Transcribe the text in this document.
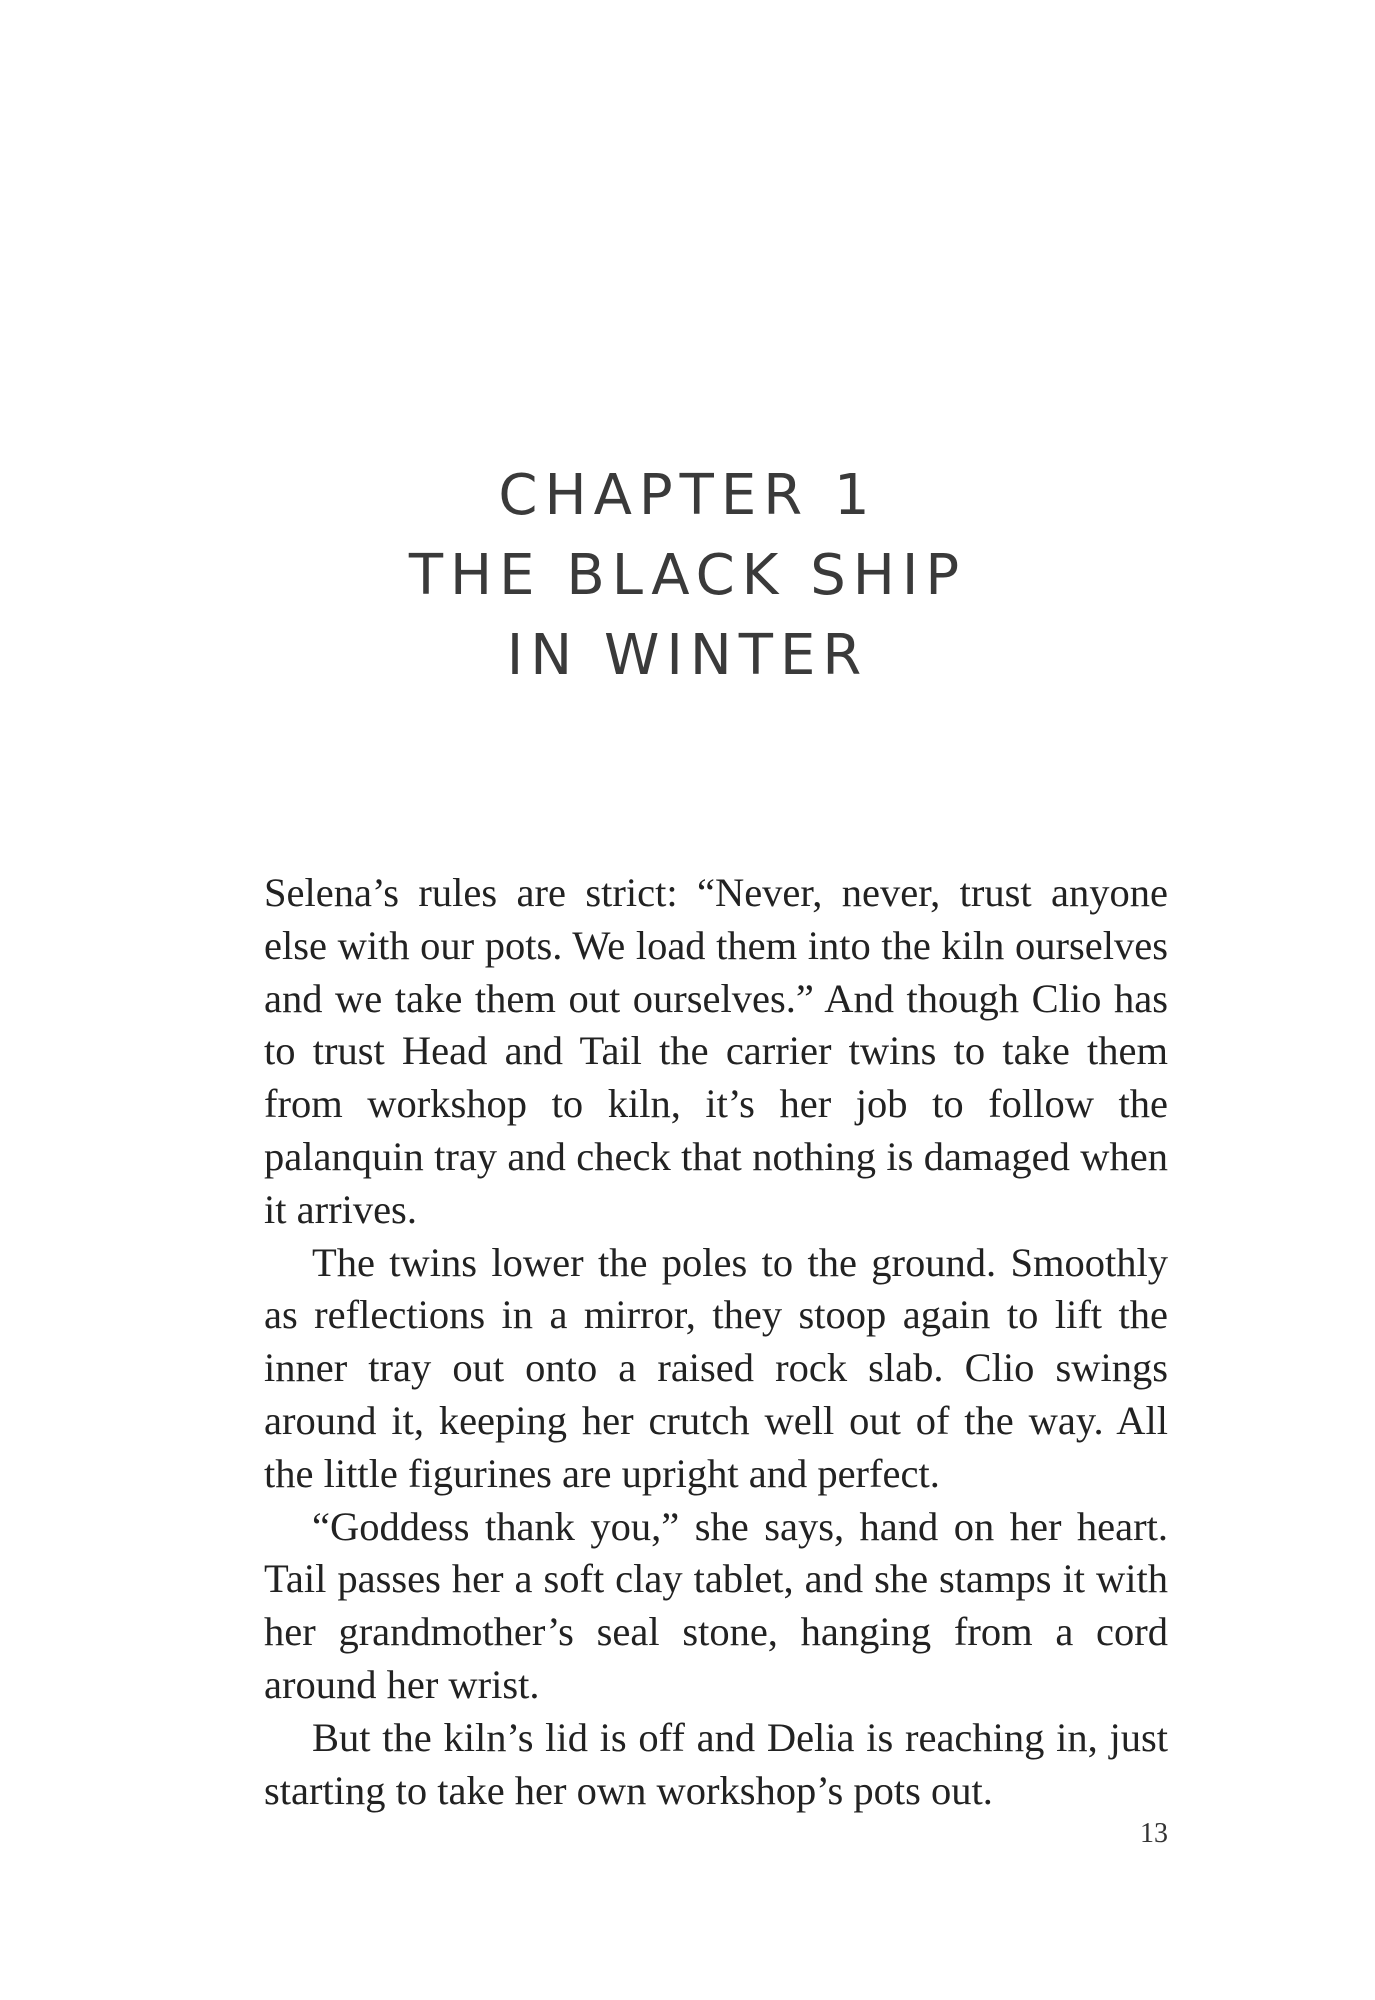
CHAPTER 1
THE BLACK SHIP
IN WINTER

Selena’s rules are strict: “Never, never, trust anyone else with our pots. We load them into the kiln ourselves and we take them out ourselves.” And though Clio has to trust Head and Tail the carrier twins to take them from workshop to kiln, it’s her job to follow the palanquin tray and check that nothing is damaged when it arrives.

The twins lower the poles to the ground. Smoothly as reflections in a mirror, they stoop again to lift the inner tray out onto a raised rock slab. Clio swings around it, keeping her crutch well out of the way. All the little figurines are upright and perfect.

“Goddess thank you,” she says, hand on her heart. Tail passes her a soft clay tablet, and she stamps it with her grandmother’s seal stone, hanging from a cord around her wrist.

But the kiln’s lid is off and Delia is reaching in, just starting to take her own workshop’s pots out.

13
